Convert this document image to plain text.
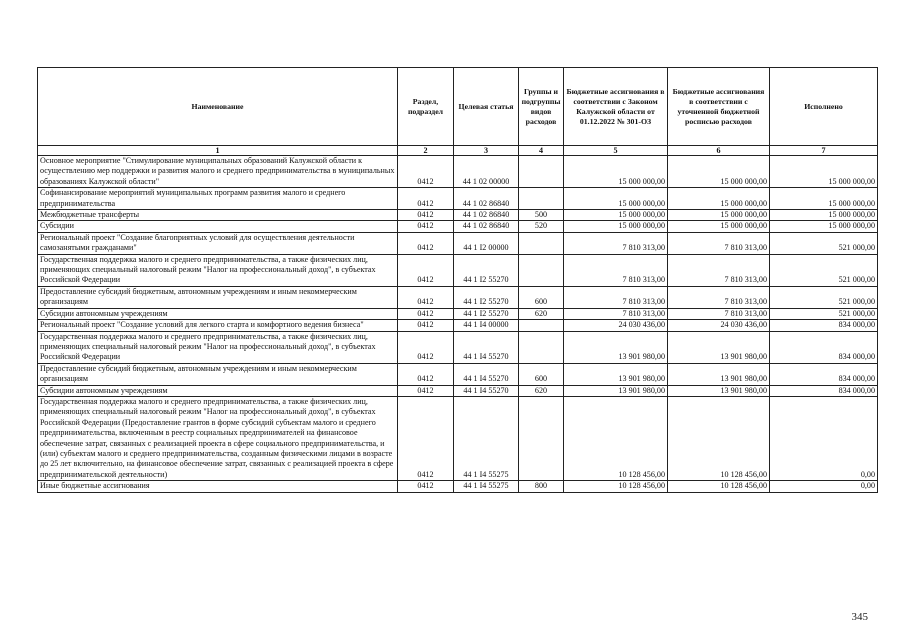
Наименование	Раздел, подраздел	Целевая статья	Группы и подгруппы видов расходов	Бюджетные ассигнования в соответствии с Законом Калужской области от 01.12.2022 № 301-ОЗ	Бюджетные ассигнования в соответствии с уточненной бюджетной росписью расходов	Исполнено
1	2	3	4	5	6	7
Основное мероприятие "Стимулирование муниципальных образований Калужской области к осуществлению мер поддержки и развития малого и среднего предпринимательства в муниципальных образованиях Калужской области"	0412	44 1 02 00000		15 000 000,00	15 000 000,00	15 000 000,00
Софинансирование мероприятий муниципальных программ развития малого и среднего предпринимательства	0412	44 1 02 86840		15 000 000,00	15 000 000,00	15 000 000,00
Межбюджетные трансферты	0412	44 1 02 86840	500	15 000 000,00	15 000 000,00	15 000 000,00
Субсидии	0412	44 1 02 86840	520	15 000 000,00	15 000 000,00	15 000 000,00
Региональный проект "Создание благоприятных условий для осуществления деятельности самозанятыми гражданами"	0412	44 1 I2 00000		7 810 313,00	7 810 313,00	521 000,00
Государственная поддержка малого и среднего предпринимательства, а также физических лиц, применяющих специальный налоговый режим "Налог на профессиональный доход", в субъектах Российской Федерации	0412	44 1 I2 55270		7 810 313,00	7 810 313,00	521 000,00
Предоставление субсидий бюджетным, автономным учреждениям и иным некоммерческим организациям	0412	44 1 I2 55270	600	7 810 313,00	7 810 313,00	521 000,00
Субсидии автономным учреждениям	0412	44 1 I2 55270	620	7 810 313,00	7 810 313,00	521 000,00
Региональный проект "Создание условий для легкого старта и комфортного ведения бизнеса"	0412	44 1 I4 00000		24 030 436,00	24 030 436,00	834 000,00
Государственная поддержка малого и среднего предпринимательства, а также физических лиц, применяющих специальный налоговый режим "Налог на профессиональный доход", в субъектах Российской Федерации	0412	44 1 I4 55270		13 901 980,00	13 901 980,00	834 000,00
Предоставление субсидий бюджетным, автономным учреждениям и иным некоммерческим организациям	0412	44 1 I4 55270	600	13 901 980,00	13 901 980,00	834 000,00
Субсидии автономным учреждениям	0412	44 1 I4 55270	620	13 901 980,00	13 901 980,00	834 000,00
Государственная поддержка малого и среднего предпринимательства, а также физических лиц, применяющих специальный налоговый режим "Налог на профессиональный доход", в субъектах Российской Федерации (Предоставление грантов в форме субсидий субъектам малого и среднего предпринимательства, включенным в реестр социальных предпринимателей на финансовое обеспечение затрат, связанных с реализацией проекта в сфере социального предпринимательства, и (или) субъектам малого и среднего предпринимательства, созданным физическими лицами в возрасте до 25 лет включительно, на финансовое обеспечение затрат, связанных с реализацией проекта в сфере предпринимательской деятельности)	0412	44 1 I4 55275		10 128 456,00	10 128 456,00	0,00
Иные бюджетные ассигнования	0412	44 1 I4 55275	800	10 128 456,00	10 128 456,00	0,00
345
